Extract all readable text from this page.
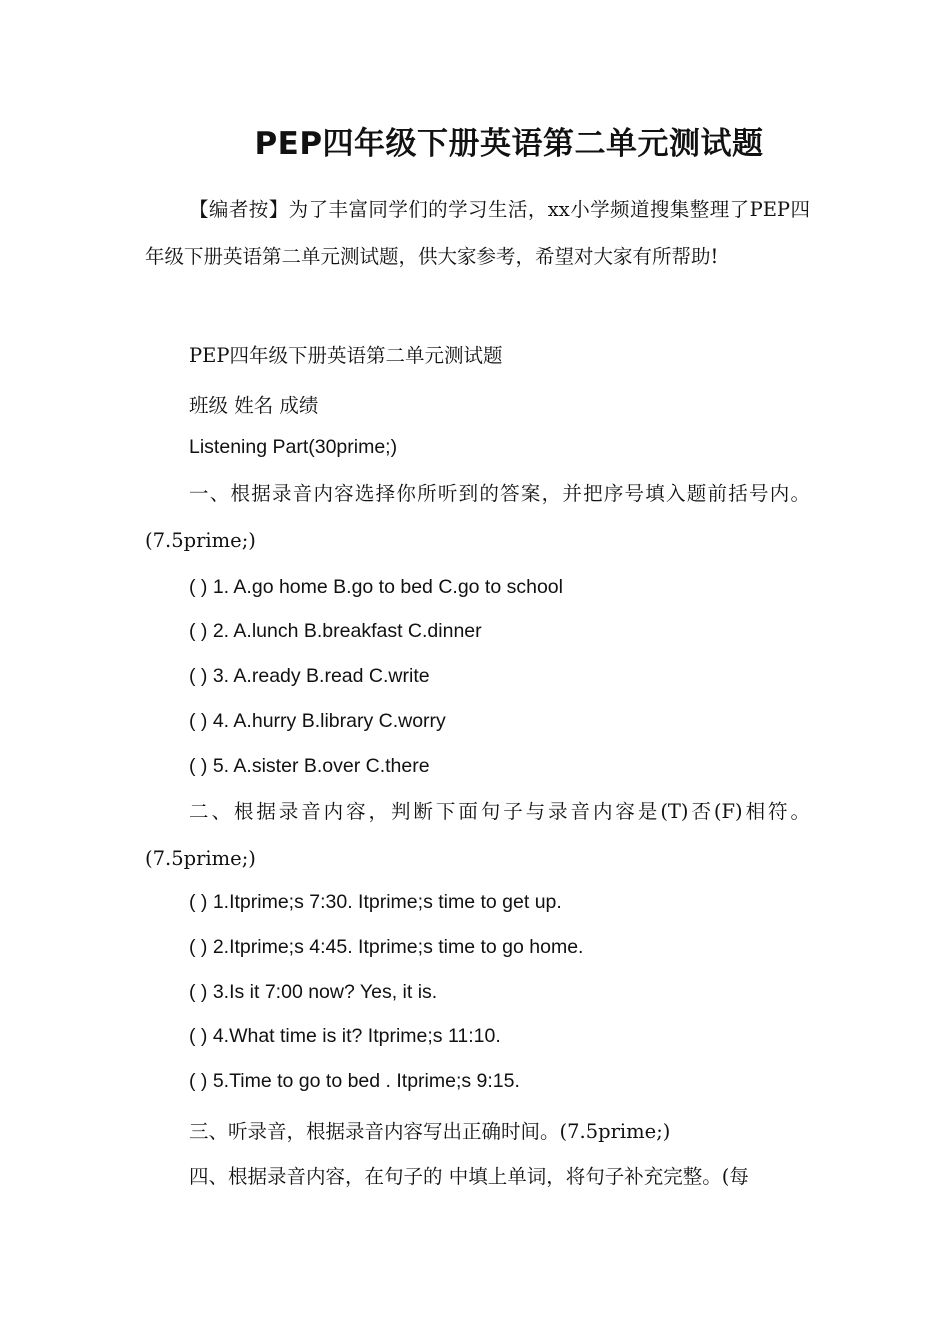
PEP四年级下册英语第二单元测试题
【编者按】为了丰富同学们的学习生活，xx小学频道搜集整理了PEP四年级下册英语第二单元测试题，供大家参考，希望对大家有所帮助!
PEP四年级下册英语第二单元测试题
班级 姓名 成绩
Listening Part(30prime;)
一、根据录音内容选择你所听到的答案，并把序号填入题前括号内。(7.5prime;)
( ) 1. A.go home B.go to bed C.go to school
( ) 2. A.lunch B.breakfast C.dinner
( ) 3. A.ready B.read C.write
( ) 4. A.hurry B.library C.worry
( ) 5. A.sister B.over C.there
二、根据录音内容，判断下面句子与录音内容是(T)否(F)相符。(7.5prime;)
( ) 1.Itprime;s 7:30. Itprime;s time to get up.
( ) 2.Itprime;s 4:45. Itprime;s time to go home.
( ) 3.Is it 7:00 now? Yes, it is.
( ) 4.What time is it? Itprime;s 11:10.
( ) 5.Time to go to bed . Itprime;s 9:15.
三、听录音，根据录音内容写出正确时间。(7.5prime;)
四、根据录音内容，在句子的 中填上单词，将句子补充完整。(每
